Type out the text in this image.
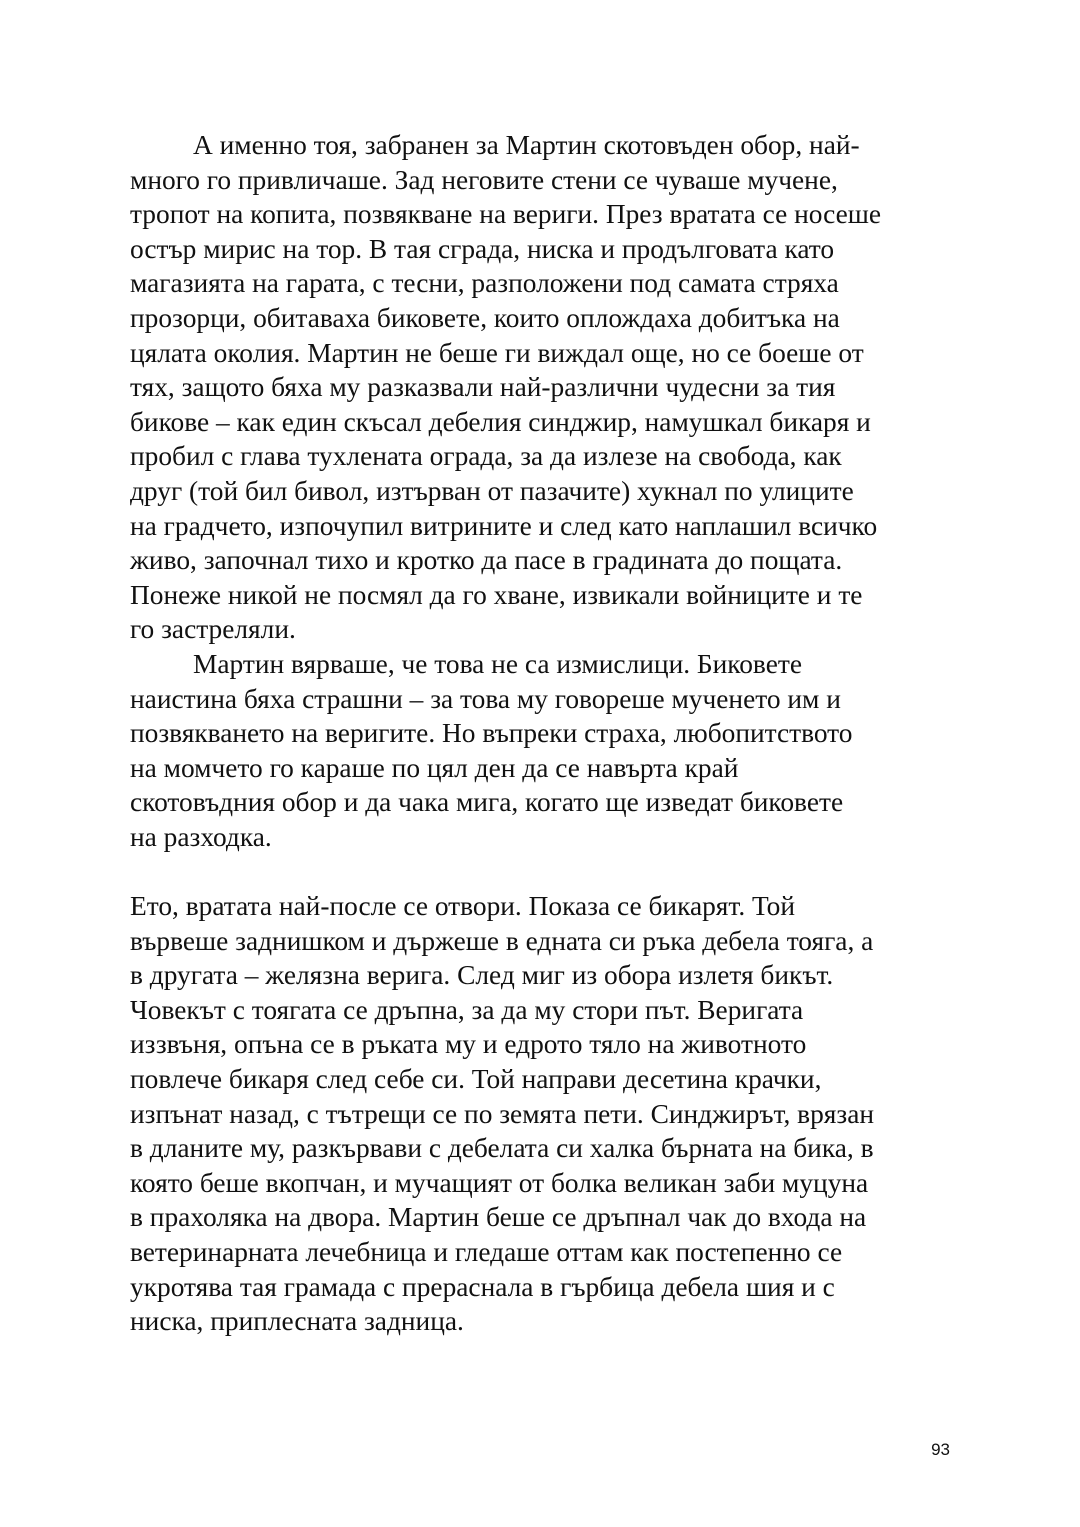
А именно тоя, забранен за Мартин скотовъден обор, най-
много го привличаше. Зад неговите стени се чуваше мучене,
тропот на копита, позвякване на вериги. През вратата се носеше
остър мирис на тор. В тая сграда, ниска и продълговата като
магазията на гарата, с тесни, разположени под самата стряха
прозорци, обитаваха биковете, които оплождаха добитъка на
цялата околия. Мартин не беше ги виждал още, но се боеше от
тях, защото бяха му разказвали най-различни чудесни за тия
бикове – как един скъсал дебелия синджир, намушкал бикаря и
пробил с глава тухлената ограда, за да излезе на свобода, как
друг (той бил бивол, изтърван от пазачите) хукнал по улиците
на градчето, изпочупил витрините и след като наплашил всичко
живо, започнал тихо и кротко да пасе в градината до пощата.
Понеже никой не посмял да го хване, извикали войниците и те
го застреляли.

Мартин вярваше, че това не са измислици. Биковете
наистина бяха страшни – за това му говореше мученето им и
позвякването на веригите. Но въпреки страха, любопитството
на момчето го караше по цял ден да се навърта край
скотовъдния обор и да чака мига, когато ще изведат биковете
на разходка.

Ето, вратата най-после се отвори. Показа се бикарят. Той
вървеше заднишком и държеше в едната си ръка дебела тояга, а
в другата – желязна верига. След миг из обора излетя бикът.
Човекът с тоягата се дръпна, за да му стори път. Веригата
иззвъня, опъна се в ръката му и едрото тяло на животното
повлече бикаря след себе си. Той направи десетина крачки,
изпънат назад, с тътрещи се по земята пети. Синджирът, врязан
в дланите му, разкървави с дебелата си халка бърната на бика, в
която беше вкопчан, и мучащият от болка великан заби муцуна
в прахоляка на двора. Мартин беше се дръпнал чак до входа на
ветеринарната лечебница и гледаше оттам как постепенно се
укротява тая грамада с прераснала в гърбица дебела шия и с
ниска, приплесната задница.

93
